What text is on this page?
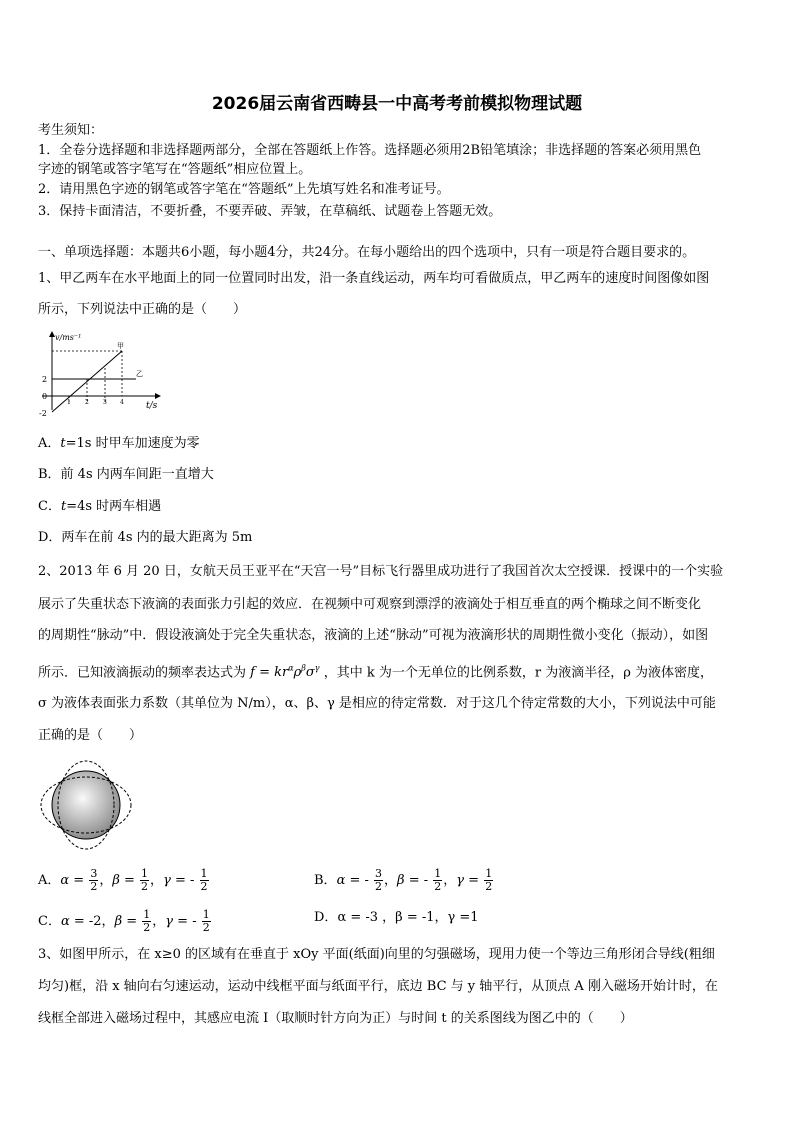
2026届云南省西畴县一中高考考前模拟物理试题
考生须知：
1．全卷分选择题和非选择题两部分，全部在答题纸上作答。选择题必须用2B铅笔填涂；非选择题的答案必须用黑色
字迹的钢笔或答字笔写在“答题纸”相应位置上。
2．请用黑色字迹的钢笔或答字笔在“答题纸”上先填写姓名和准考证号。
3．保持卡面清洁，不要折叠，不要弄破、弄皱，在草稿纸、试题卷上答题无效。
一、单项选择题：本题共6小题，每小题4分，共24分。在每小题给出的四个选项中，只有一项是符合题目要求的。
1、甲乙两车在水平地面上的同一位置同时出发，沿一条直线运动，两车均可看做质点，甲乙两车的速度时间图像如图
所示，下列说法中正确的是（　　）
v/ms⁻¹
t/s
甲
乙
2
0
-2
1 2 3 4
A．t=1s 时甲车加速度为零
B．前 4s 内两车间距一直增大
C．t=4s 时两车相遇
D．两车在前 4s 内的最大距离为 5m
2、2013 年 6 月 20 日，女航天员王亚平在“天宫一号”目标飞行器里成功进行了我国首次太空授课．授课中的一个实验
展示了失重状态下液滴的表面张力引起的效应．在视频中可观察到漂浮的液滴处于相互垂直的两个椭球之间不断变化
的周期性“脉动”中．假设液滴处于完全失重状态，液滴的上述“脉动”可视为液滴形状的周期性微小变化（振动），如图
所示．已知液滴振动的频率表达式为 $f = kr^\alpha\rho^\beta\sigma^\gamma$ ，其中 k 为一个无单位的比例系数，r 为液滴半径，ρ 为液体密度，
σ 为液体表面张力系数（其单位为 N/m），α、β、γ 是相应的待定常数．对于这几个待定常数的大小，下列说法中可能
正确的是（　　）
A．$\alpha = \frac{3}{2}$ ，$\beta = \frac{1}{2}$ ，γ = - $\frac{1}{2}$	B．α = - $\frac{3}{2}$ ，β = - $\frac{1}{2}$ ，$\gamma = \frac{1}{2}$
C．α = -2，$\beta = \frac{1}{2}$ ，γ = - $\frac{1}{2}$	D．α = -3 ，β = -1，γ =1
3、如图甲所示，在 x≥0 的区域有在垂直于 xOy 平面(纸面)向里的匀强磁场，现用力使一个等边三角形闭合导线(粗细
均匀)框，沿 x 轴向右匀速运动，运动中线框平面与纸面平行，底边 BC 与 y 轴平行，从顶点 A 刚入磁场开始计时，在
线框全部进入磁场过程中，其感应电流 I（取顺时针方向为正）与时间 t 的关系图线为图乙中的（　　）
